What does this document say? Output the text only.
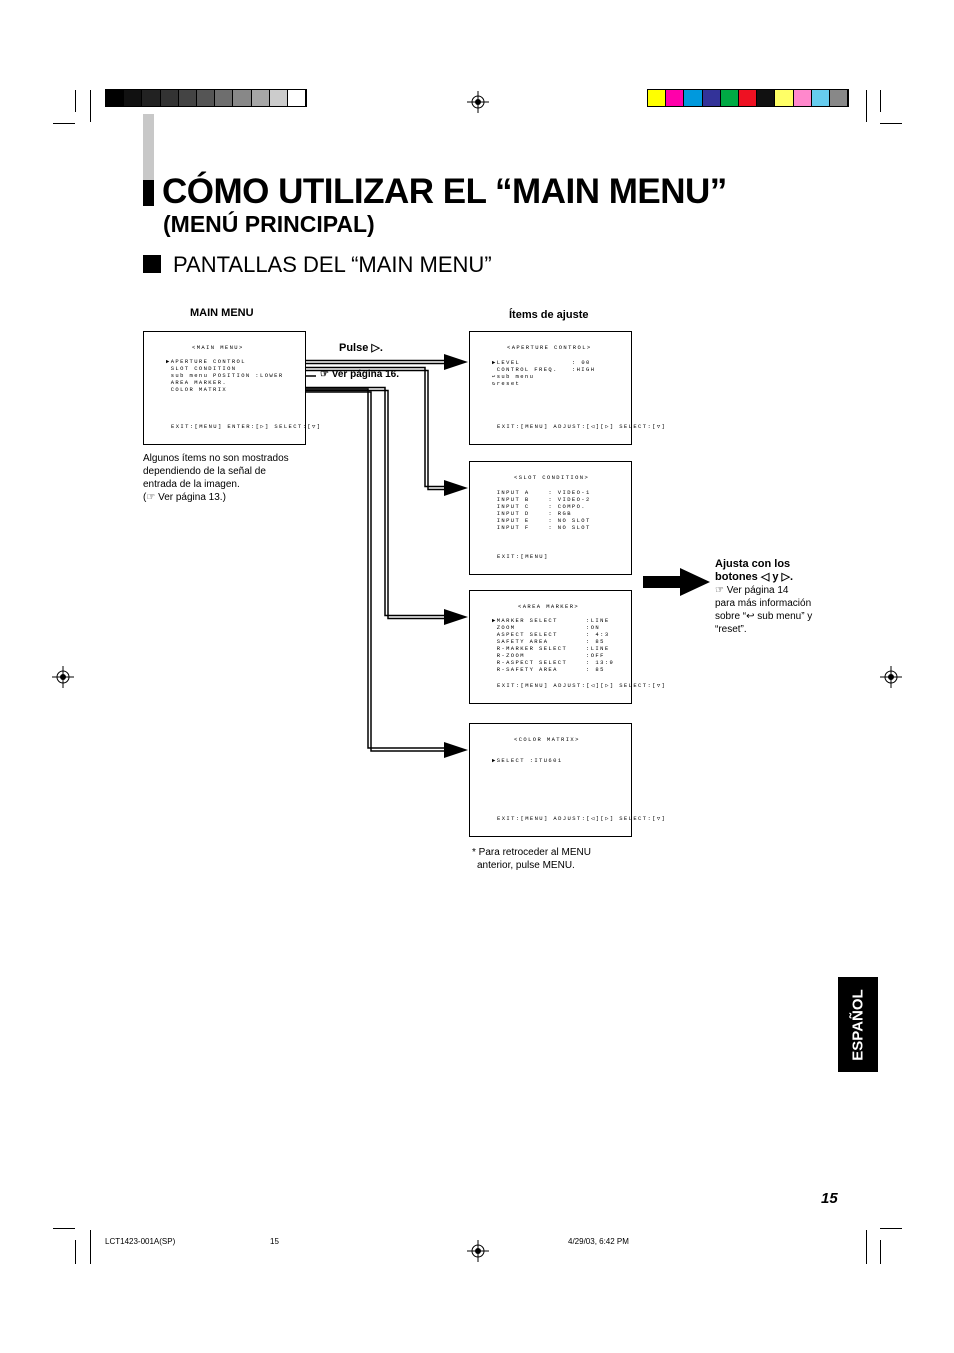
CÓMO UTILIZAR EL “MAIN MENU”
(MENÚ PRINCIPAL)
PANTALLAS DEL “MAIN MENU”
MAIN MENU	Ítems de ajuste
Pulse ▷.
☞ Ver página 16.
<MAIN MENU>
▶APERTURE CONTROL
SLOT CONDITION
sub menu POSITION :LOWER
AREA MARKER.
COLOR MATRIX
EXIT:[MENU] ENTER:[▷] SELECT:[▽]
<APERTURE CONTROL>
▶LEVEL           : 00
CONTROL FREQ.   :HIGH
↩sub menu
↻reset
EXIT:[MENU] ADJUST:[◁][▷] SELECT:[▽]
<SLOT CONDITION>
INPUT A    : VIDEO-1
INPUT B    : VIDEO-2
INPUT C    : COMPO.
INPUT D    : RGB
INPUT E    : NO SLOT
INPUT F    : NO SLOT
EXIT:[MENU]
<AREA MARKER>
▶MARKER SELECT      :LINE
ZOOM               :ON
ASPECT SELECT      : 4:3
SAFETY AREA        : 85
R-MARKER SELECT    :LINE
R-ZOOM             :OFF
R-ASPECT SELECT    : 13:9
R-SAFETY AREA      : 85
EXIT:[MENU] ADJUST:[◁][▷] SELECT:[▽]
<COLOR MATRIX>
▶SELECT :ITU601
EXIT:[MENU] ADJUST:[◁][▷] SELECT:[▽]
Algunos ítems no son mostrados
dependiendo de la señal de
entrada de la imagen.
(☞ Ver página 13.)
Ajusta con los
botones ◁ y ▷.
☞ Ver página 14
para más información
sobre “↩ sub menu” y
“reset”.
* Para retroceder al MENU
anterior, pulse MENU.
ESPAÑOL
15
LCT1423-001A(SP)	15	4/29/03, 6:42 PM
